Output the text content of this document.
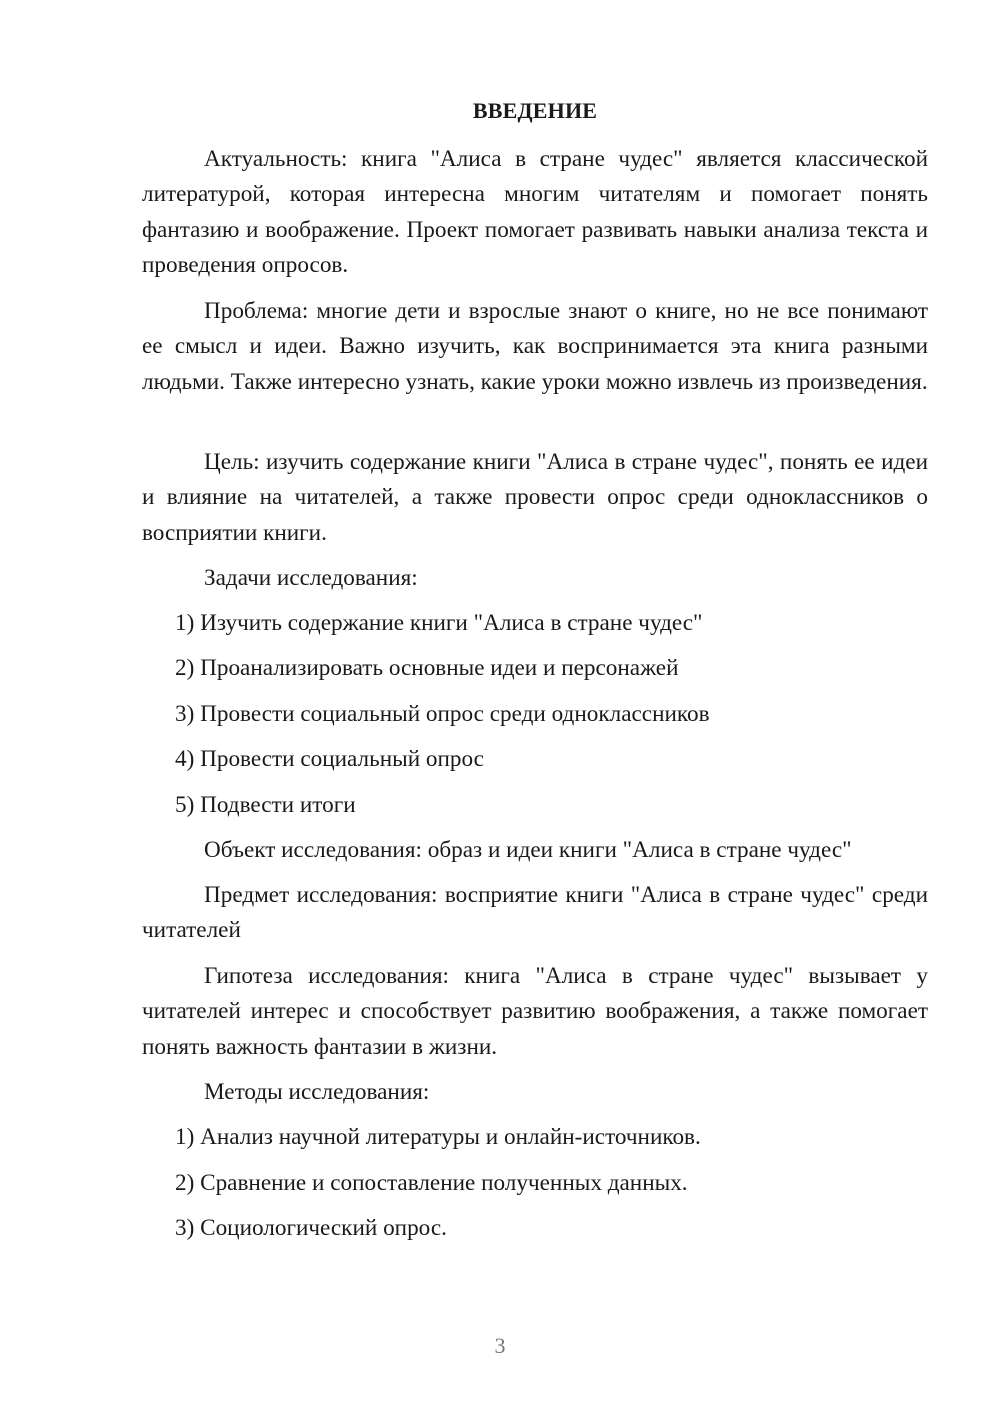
ВВЕДЕНИЕ
Актуальность: книга "Алиса в стране чудес" является классической литературой, которая интересна многим читателям и помогает понять фантазию и воображение. Проект помогает развивать навыки анализа текста и проведения опросов.
Проблема: многие дети и взрослые знают о книге, но не все понимают ее смысл и идеи. Важно изучить, как воспринимается эта книга разными людьми. Также интересно узнать, какие уроки можно извлечь из произведения.
Цель: изучить содержание книги "Алиса в стране чудес", понять ее идеи и влияние на читателей, а также провести опрос среди одноклассников о восприятии книги.
Задачи исследования:
1) Изучить содержание книги "Алиса в стране чудес"
2) Проанализировать основные идеи и персонажей
3) Провести социальный опрос среди одноклассников
4) Провести социальный опрос
5) Подвести итоги
Объект исследования: образ и идеи книги "Алиса в стране чудес"
Предмет исследования: восприятие книги "Алиса в стране чудес" среди читателей
Гипотеза исследования: книга "Алиса в стране чудес" вызывает у читателей интерес и способствует развитию воображения, а также помогает понять важность фантазии в жизни.
Методы исследования:
1) Анализ научной литературы и онлайн-источников.
2) Сравнение и сопоставление полученных данных.
3) Социологический опрос.
3
